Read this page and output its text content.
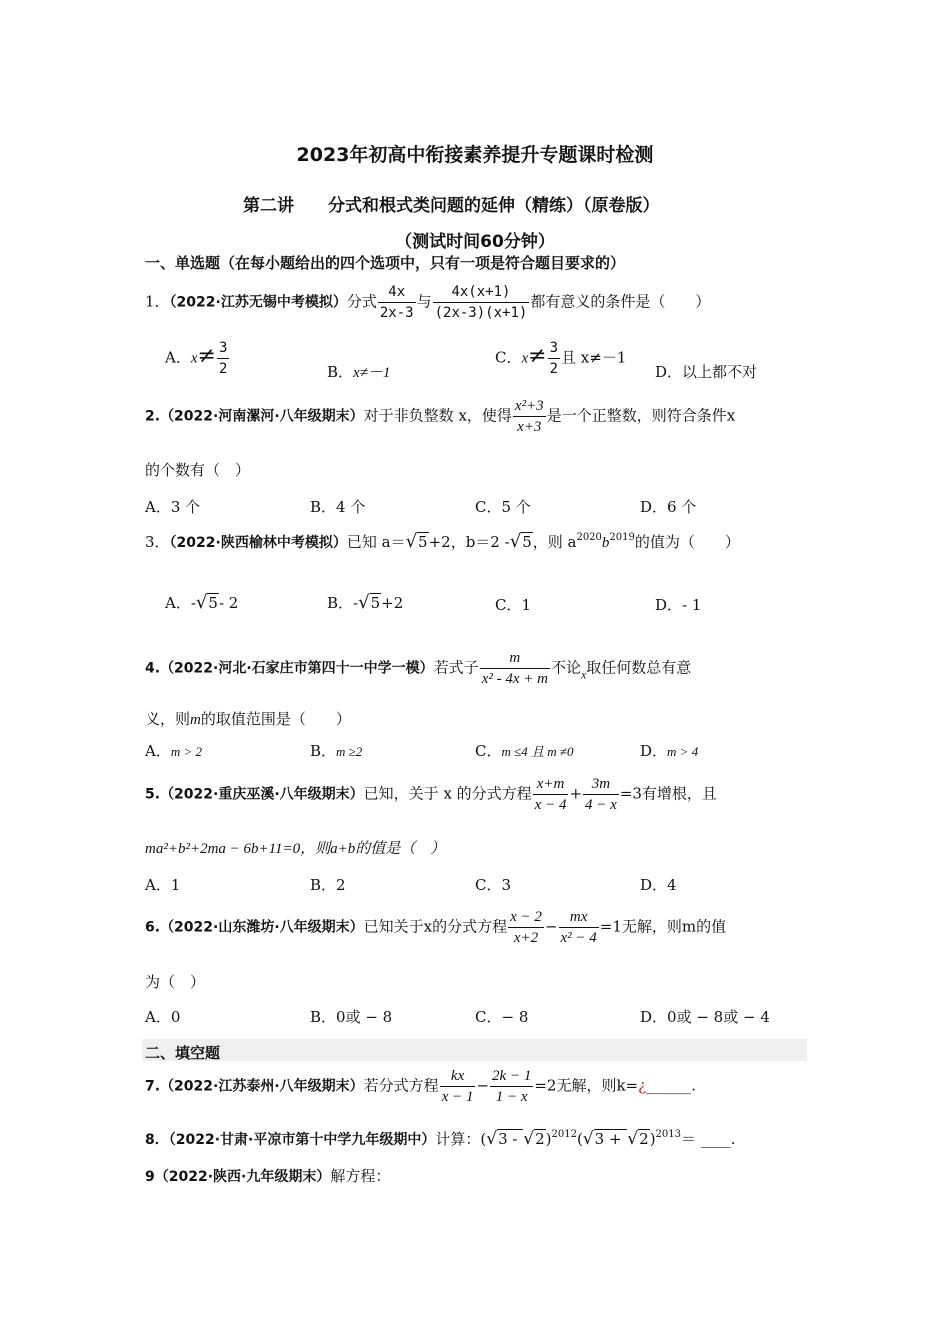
2023年初高中衔接素养提升专题课时检测
第二讲 分式和根式类问题的延伸（精练）（原卷版）
（测试时间60分钟）
一、单选题（在每小题给出的四个选项中，只有一项是符合题目要求的）
1．（2022·江苏无锡中考模拟）分式 $\frac{4x}{2x-3}$ 与 $\frac{4x(x+1)}{(2x-3)(x+1)}$ 都有意义的条件是（　　）
A．$x\ne \frac{3}{2}$	B．x≠－1
C．$x\ne \frac{3}{2}$ 且 x≠－1
D．以上都不对
2.（2022·河南漯河·八年级期末）对于非负整数 x，使得 $\frac{\text{x²+3}}{x+3}$ 是一个正整数，则符合条件x
的个数有（　）
A．3 个	B．4 个	C．5 个	D．6 个
3．（2022·陕西榆林中考模拟）已知 a＝√5+2，b＝2 -√5，则 $a^{2020}b^{2019}$的值为（　　）
A．-√5- 2	B．-√5+2	C．1	D．- 1
4.（2022·河北·石家庄市第四十一中学一模）若式子 $\frac{m}{\text{x² - 4x + m}}$ 不论$_x$取任何数总有意
义，则m的取值范围是（　　）
A．m > 2	B．m ≥2	C．m ≤4 且 m ≠0	D．m > 4
5.（2022·重庆巫溪·八年级期末）已知，关于 x 的分式方程 $\frac{x+m}{x - 4} + \frac{3m}{4 - x} =3$有增根，且
ma²+b²+2ma − 6b+11=0，则a+b的值是（　）
A．1	B．2	C．3	D．4
6.（2022·山东潍坊·八年级期末）已知关于x的分式方程 $\frac{x - 2}{x+2} - \frac{mx}{\text{x² − 4}} =1$无解，则m的值
为（　）
A．0	B．0或 − 8	C．− 8	D．0或 − 8或 − 4
二、填空题
7.（2022·江苏泰州·八年级期末）若分式方程 $\frac{kx}{x - 1} - \frac{2k - 1}{1 - x} =2$无解，则k=¿______.
8．（2022·甘肃·平凉市第十中学九年级期中）计算：$(√3 - √2)^{2012}(√3 + √2)^{2013}=$ ____.
9（2022·陕西·九年级期末）解方程：
